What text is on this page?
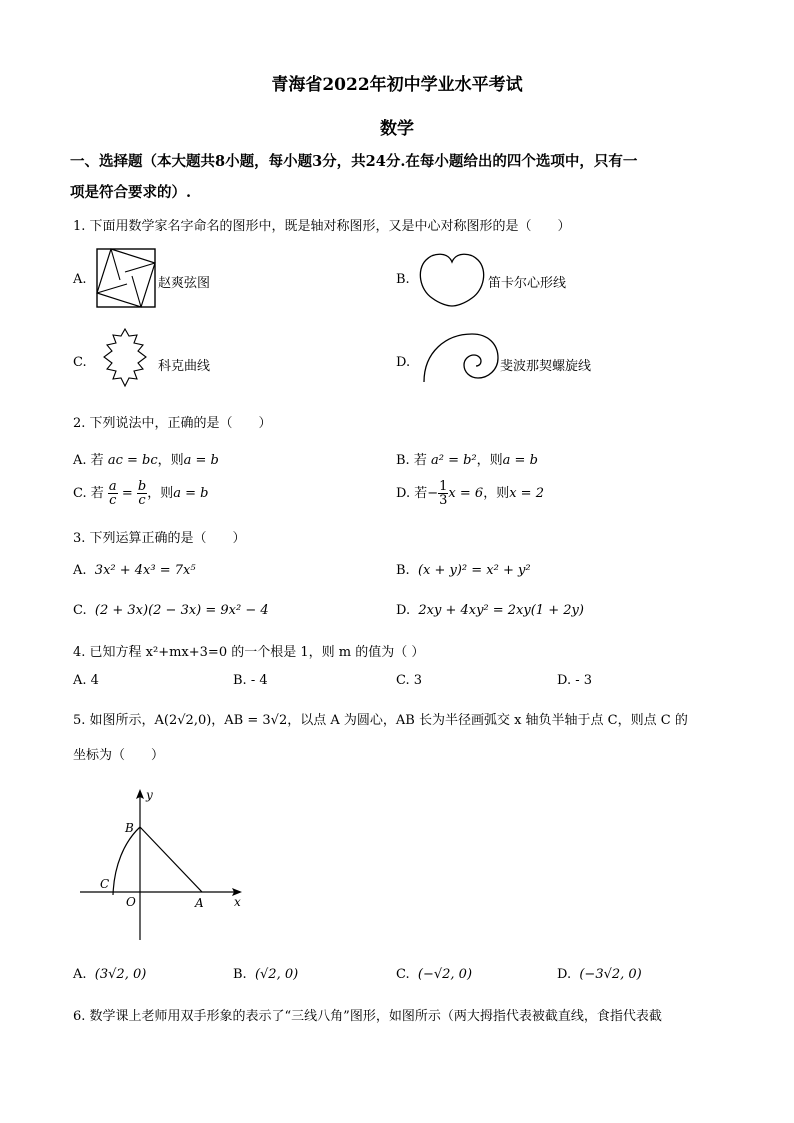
青海省2022年初中学业水平考试
数学
一、选择题（本大题共8小题，每小题3分，共24分.在每小题给出的四个选项中，只有一
项是符合要求的）.
1. 下面用数学家名字命名的图形中，既是轴对称图形，又是中心对称图形的是（　　）
A.	赵爽弦图	B.	笛卡尔心形线
C.	科克曲线	D.	斐波那契螺旋线
2. 下列说法中，正确的是（　　）
A. 若 ac = bc，则a = b	B. 若 a² = b²，则a = b
C. 若 $\frac{a}{c} = \frac{b}{c}$ ，则a = b	D. 若− $\frac{1}{3}$ x = 6，则x = 2
3. 下列运算正确的是（　　）
A. 3x² + 4x³ = 7x⁵	B. (x + y)² = x² + y²
C. (2 + 3x)(2 − 3x) = 9x² − 4	D. 2xy + 4xy² = 2xy(1 + 2y)
4. 已知方程 x²+mx+3=0 的一个根是 1，则 m 的值为（ ）
A. 4	B. - 4	C. 3	D. - 3
5. 如图所示，A(2√2,0)，AB = 3√2，以点 A 为圆心，AB 长为半径画弧交 x 轴负半轴于点 C，则点 C 的
坐标为（　　）
y
x
B
C
O	A
A. (3√2, 0)	B. (√2, 0)	C. (−√2, 0)	D. (−3√2, 0)
6. 数学课上老师用双手形象的表示了“三线八角”图形，如图所示（两大拇指代表被截直线，食指代表截
